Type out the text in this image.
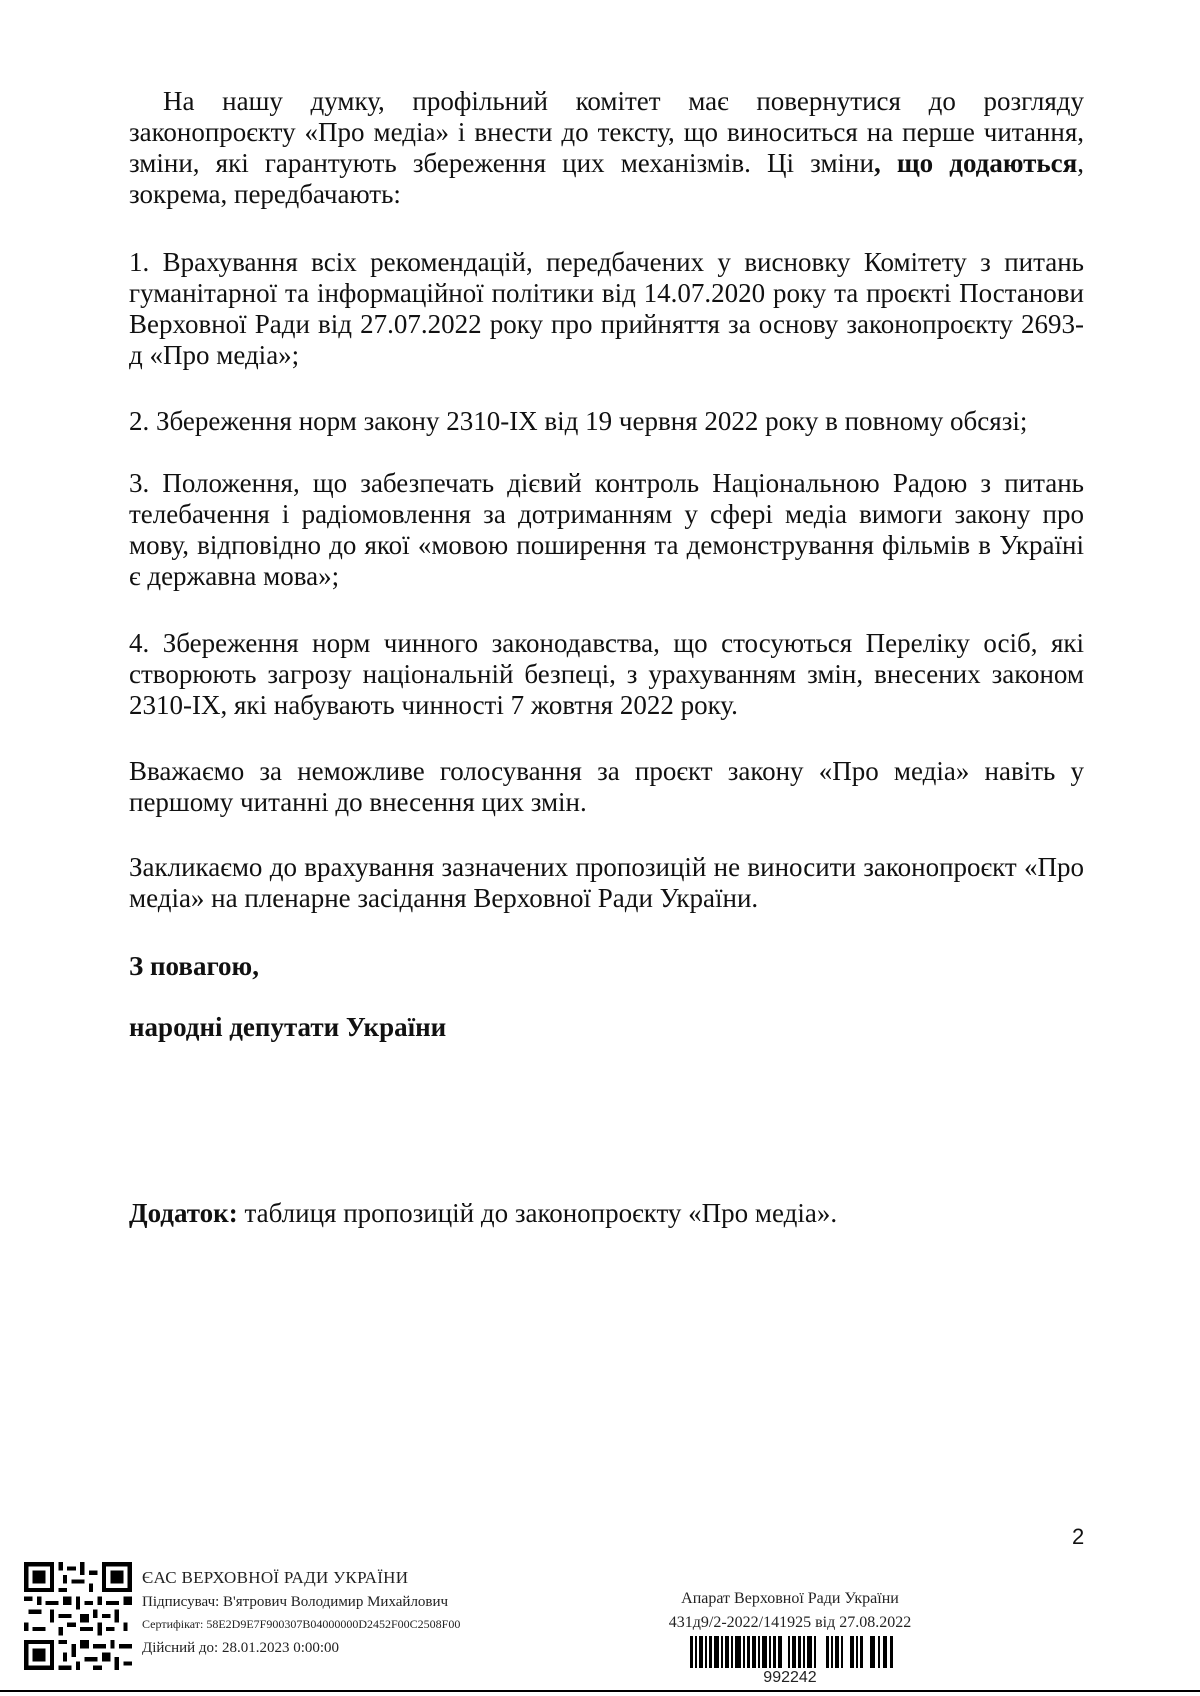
На нашу думку, профільний комітет має повернутися до розгляду законопроєкту «Про медіа» і внести до тексту, що виноситься на перше читання, зміни, які гарантують збереження цих механізмів. Ці зміни, що додаються, зокрема, передбачають:

1. Врахування всіх рекомендацій, передбачених у висновку Комітету з питань гуманітарної та інформаційної політики від 14.07.2020 року та проєкті Постанови Верховної Ради від 27.07.2022 року про прийняття за основу законопроєкту 2693-д «Про медіа»;

2. Збереження норм закону 2310-IX від 19 червня 2022 року в повному обсязі;

3. Положення, що забезпечать дієвий контроль Національною Радою з питань телебачення і радіомовлення за дотриманням у сфері медіа вимоги закону про мову, відповідно до якої «мовою поширення та демонстрування фільмів в Україні є державна мова»;

4. Збереження норм чинного законодавства, що стосуються Переліку осіб, які створюють загрозу національній безпеці, з урахуванням змін, внесених законом 2310-IX, які набувають чинності 7 жовтня 2022 року.

Вважаємо за неможливе голосування за проєкт закону «Про медіа» навіть у першому читанні до внесення цих змін.

Закликаємо до врахування зазначених пропозицій не виносити законопроєкт «Про медіа» на пленарне засідання Верховної Ради України.

З повагою,
народні депутати України
Додаток: таблиця пропозицій до законопроєкту «Про медіа».
2
ЄАС ВЕРХОВНОЇ РАДИ УКРАЇНИ
Підписувач: В'ятрович Володимир Михайлович
Сертифікат: 58E2D9E7F900307B04000000D2452F00C2508F00
Дійсний до: 28.01.2023 0:00:00
Апарат Верховної Ради України
431д9/2-2022/141925 від 27.08.2022
992242
